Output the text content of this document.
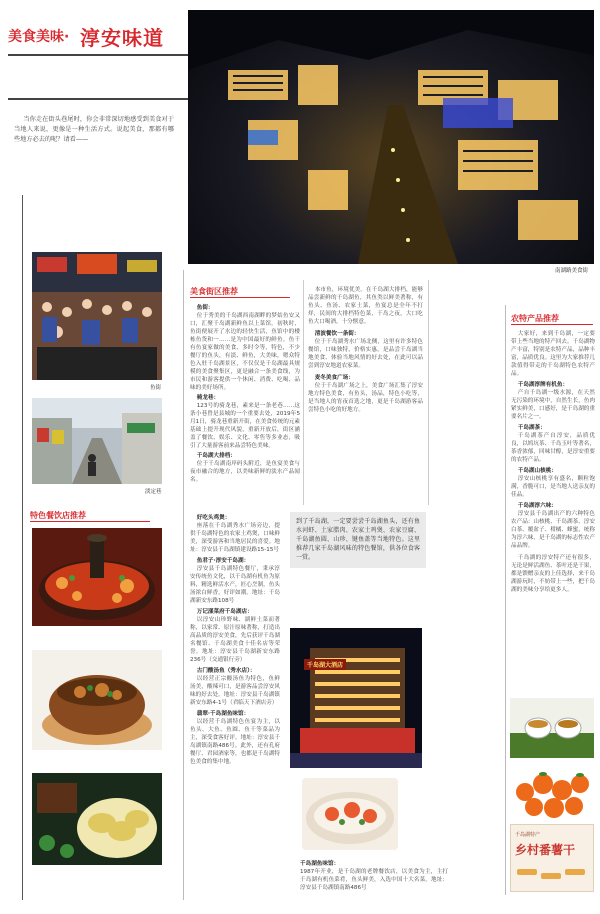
美食美味· 淳安味道
当你走在街头巷尾时，你会非常深切地感受到美食对于当地人来说，更像是一种生活方式。说起美食，那都有哪些地方必去的呢？请看——
南湖路美食街
鱼街
淡定巷
特色餐饮店推荐
美食街区推荐
鱼街：

位于秀美的千岛湖西南湖畔的梦姑鱼安又口，汇聚千岛湖新鲜鱼以上菜馆。初秋时，鱼街便展开了水边的轻快生活，鱼馆中的楼栋鱼货和一……是为中国最好的鲜鱼。鱼干有鱼宴家做的美食、多时令等，特色，不少餐厅的鱼头，有淡、鲜鱼，大美味，嗯众特色入驻千岛湖景区，不仅仅是千岛湖最具规模的美食聚集区，更是融合一条美食线，为市民和游客提供一个休闲、消费、吃喝、品味的美好场所。

骑龙巷：

123号的骑龙巷，素来是一条老巷……这条小巷曾是县城的一个重要去处，2019年5月1日，骑龙巷重新开街，在美食传统的元素基础上提升现代风貌，重新开放后，街区涵盖了餐饮、娱乐、文化、零售等多业态，吸引了大量游客前来品尝特色美味。

千岛湖大排档：

位于千岛湖南岸码头附近，是鱼宴美食与夜市融合的地方，以美味新鲜的淡水产品闻名。

本市鱼，环境优美。在千岛湖大排档，能够品尝新鲜的千岛湖鱼，其鱼类以鲜美著称，有鱼头、鱼汤、农家土菜，鱼宴总是全年不打烊，民间的大排档特色菜，干岛之夜，大口吃鱼大口喝酒，十分惬意。

清波餐饮一条街：

位于千岛湖秀水广场北侧，这里有许多特色餐馆，口味独特，价格实惠，是品尝千岛湖当地美食、体验当地风情的好去处，在此可以品尝到淳安地道农家菜。

麦冬美食广场：

位于千岛湖广场之上，美食广场汇集了淳安地方特色美食，有鱼头，汤品，特色小吃等，是当地人的宵夜首选之地，更是千岛湖游客品尝特色小吃的好地方。

到了千岛湖，一定要尝尝千岛湖鱼头，还有鱼水河虾、土家腊肉、农家土鸡煲、农家豆腐、千岛湖鱼圆、山珍、键鱼盖等当地特色。这里推荐几家千岛湖风味的特色餐馆，供各位食客一赏。
好吃头鸡煲：

座落在千岛湖秀水广场旁边，提供千岛湖特色的农家土鸡煲，口味鲜美，深受游客和当地居民的喜爱。地址：淳安县千岛湖镇建设路15-15号

鱼君子·淳安千岛湖：

淳安县千岛湖特色餐厅，秉承淳安传统鱼文化，以千岛湖有机鱼为原料，精选鲜活水产，匠心烹制，鱼头汤浓白鲜香，好评如潮。地址：千岛湖新安东路108号

万记漾菜府千岛湖店：

以淳安山珍野味、湖鲜土菜而著称，以家常、原汁原味著称，打造出高品质的淳安美食，先后获评千岛湖名餐馆、千岛湖美食十佳名店等荣誉。地址：淳安县千岛湖新安东路236号（交通银行旁）

古门酸汤鱼（秀水店）：

以经营正宗酸汤鱼为特色，鱼鲜汤美，酸辣可口，是游客品尝淳安风味的好去处。地址：淳安县千岛湖镇新安东路4-1号（君临天下酒店旁）

翡翠·千岛湖鱼味馆：

以经营千岛湖特色鱼宴为主，以鱼头、大鱼、鱼圆、鱼干等菜品为主，深受食客好评。地址：淳安县千岛湖镇南路486号。此外，还有孔府餐厅、君园酒家等，也都是千岛湖特色美食的集中地。

千岛湖大酒店
千岛湖鱼味馆：

1987年开业，是千岛湖的老牌餐饮店，以美食为主，主打千岛湖有机鱼菜肴，鱼头鲜美，入选中国十大名菜。地址：淳安县千岛湖镇南路486号

农特产品推荐

大家好，来到千岛湖，一定要带上些当地的特产回去。千岛湖物产丰富，特别是农特产品，品种丰富，品质优良。这里为大家推荐几款值得带走的千岛湖特色农特产品。

千岛湖淳牌有机鱼：

产自千岛湖一级水源，在天然无污染的环境中，自然生长，鱼肉紧实鲜美，口感好，是千岛湖的重要名片之一。

千岛湖茶：

千岛湖茶产自淳安，品质优良，以鸠坑茶、千岛玉叶等著名，茶香浓郁，回味甘醇，是淳安重要的农特产品。

千岛湖山核桃：

淳安山核桃享有盛名，颗粒饱满，香脆可口，是当地人送亲友的佳品。

千岛湖淳六味：

淳安县千岛湖出产的六种特色农产品：山核桃、千岛湖茶、淳安白茶、覆盆子、柑橘、蜂蜜，统称为淳六味，是千岛湖的标志性农产品品牌。

千岛湖的淳安特产还有很多，无论是鲜活湖鱼、茶叶还是干果，都是馈赠亲友的上佳选择，来千岛湖游玩时，不妨带上一些，把千岛湖的美味分享给更多人。

千岛湖特产
乡村番薯干
